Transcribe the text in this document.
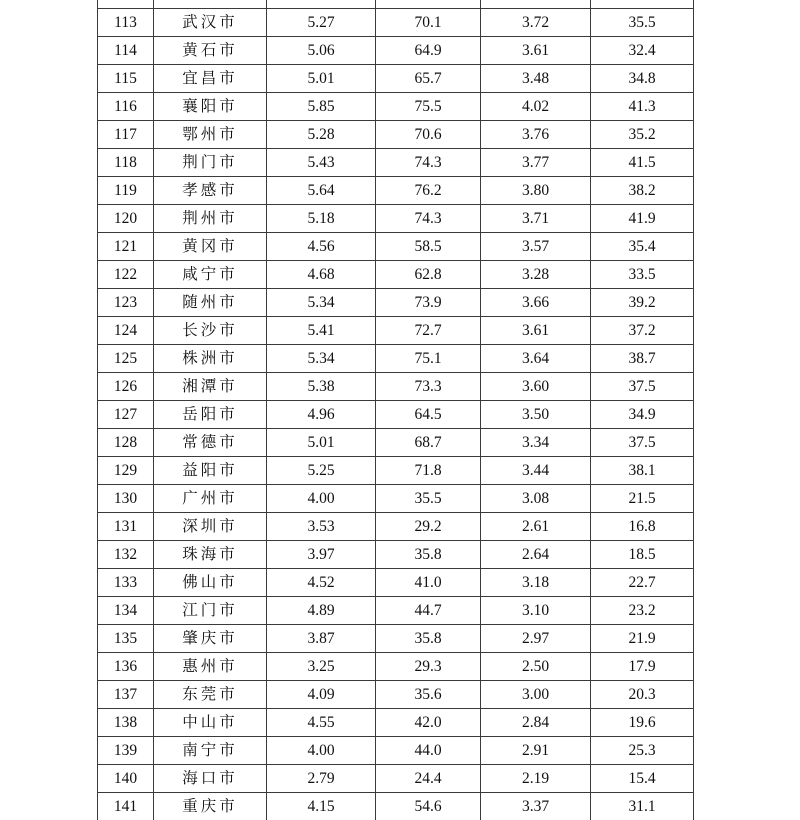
113	武汉市	5.27	70.1	3.72	35.5
114	黄石市	5.06	64.9	3.61	32.4
115	宜昌市	5.01	65.7	3.48	34.8
116	襄阳市	5.85	75.5	4.02	41.3
117	鄂州市	5.28	70.6	3.76	35.2
118	荆门市	5.43	74.3	3.77	41.5
119	孝感市	5.64	76.2	3.80	38.2
120	荆州市	5.18	74.3	3.71	41.9
121	黄冈市	4.56	58.5	3.57	35.4
122	咸宁市	4.68	62.8	3.28	33.5
123	随州市	5.34	73.9	3.66	39.2
124	长沙市	5.41	72.7	3.61	37.2
125	株洲市	5.34	75.1	3.64	38.7
126	湘潭市	5.38	73.3	3.60	37.5
127	岳阳市	4.96	64.5	3.50	34.9
128	常德市	5.01	68.7	3.34	37.5
129	益阳市	5.25	71.8	3.44	38.1
130	广州市	4.00	35.5	3.08	21.5
131	深圳市	3.53	29.2	2.61	16.8
132	珠海市	3.97	35.8	2.64	18.5
133	佛山市	4.52	41.0	3.18	22.7
134	江门市	4.89	44.7	3.10	23.2
135	肇庆市	3.87	35.8	2.97	21.9
136	惠州市	3.25	29.3	2.50	17.9
137	东莞市	4.09	35.6	3.00	20.3
138	中山市	4.55	42.0	2.84	19.6
139	南宁市	4.00	44.0	2.91	25.3
140	海口市	2.79	24.4	2.19	15.4
141	重庆市	4.15	54.6	3.37	31.1
